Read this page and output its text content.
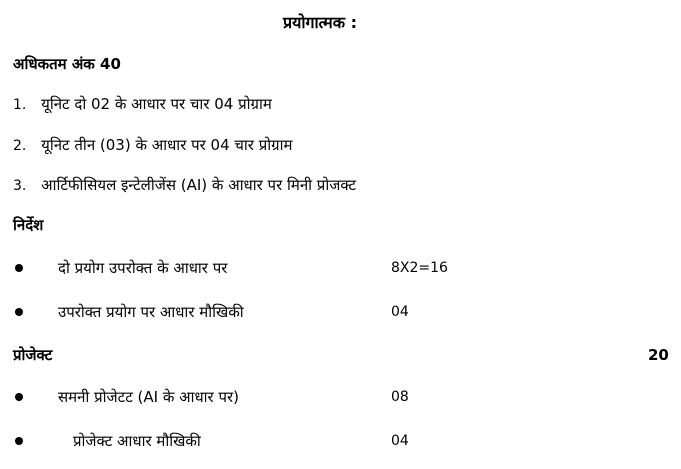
प्रयोगात्मक :
अधिकतम अंक 40
1. यूनिट दो 02 के आधार पर चार 04 प्रोग्राम
2. यूनिट तीन (03) के आधार पर 04 चार प्रोग्राम
3. आर्टिफीसियल इन्टेलीजेंस (AI) के आधार पर मिनी प्रोजक्ट
निर्देश
दो प्रयोग उपरोक्त के आधार पर	8X2=16
उपरोक्त प्रयोग पर आधार मौखिकी	04
प्रोजेक्ट	20
समनी प्रोजेटट (AI के आधार पर)	08
प्रोजेक्ट आधार मौखिकी	04
